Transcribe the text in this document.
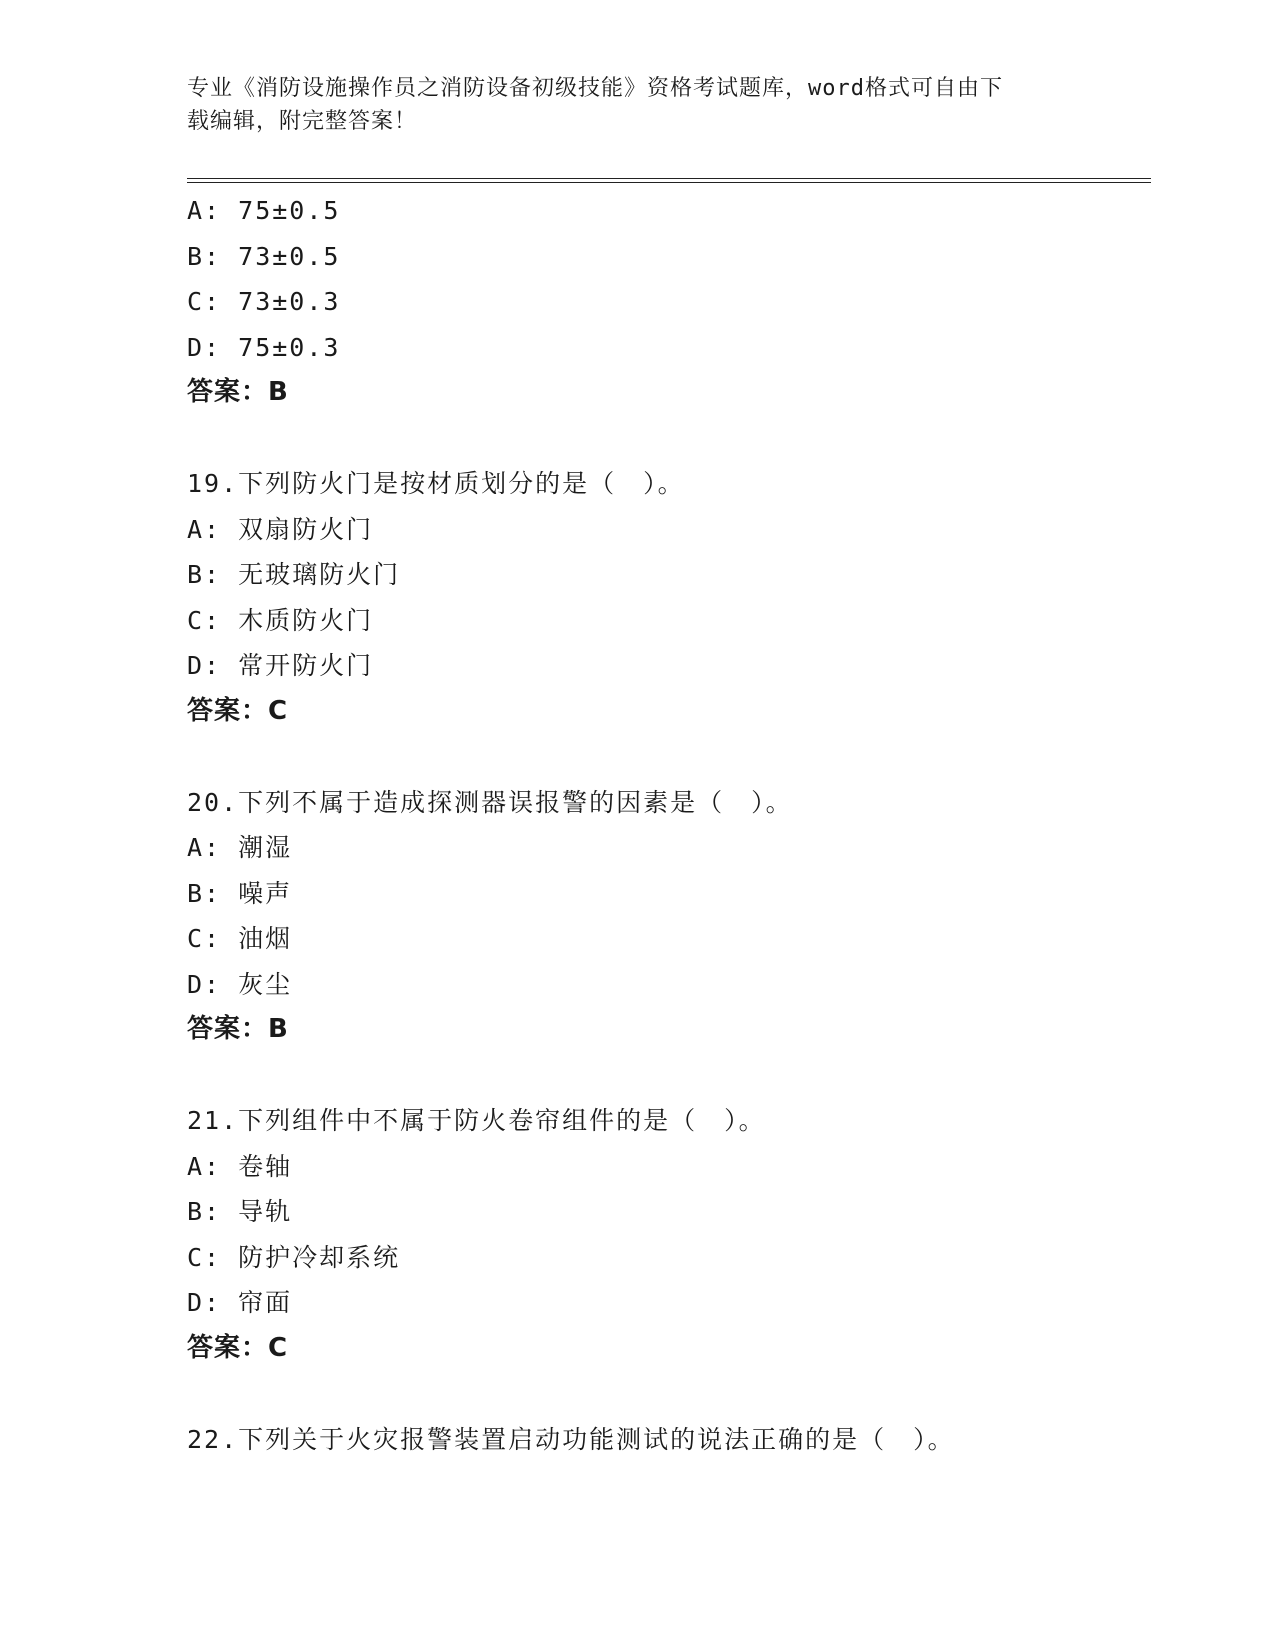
专业《消防设施操作员之消防设备初级技能》资格考试题库，word格式可自由下
载编辑，附完整答案！
A: 75±0.5
B: 73±0.5
C: 73±0.3
D: 75±0.3
答案：B
19.下列防火门是按材质划分的是（　）。
A: 双扇防火门
B: 无玻璃防火门
C: 木质防火门
D: 常开防火门
答案：C
20.下列不属于造成探测器误报警的因素是（　）。
A: 潮湿
B: 噪声
C: 油烟
D: 灰尘
答案：B
21.下列组件中不属于防火卷帘组件的是（　）。
A: 卷轴
B: 导轨
C: 防护冷却系统
D: 帘面
答案：C
22.下列关于火灾报警装置启动功能测试的说法正确的是（　）。
